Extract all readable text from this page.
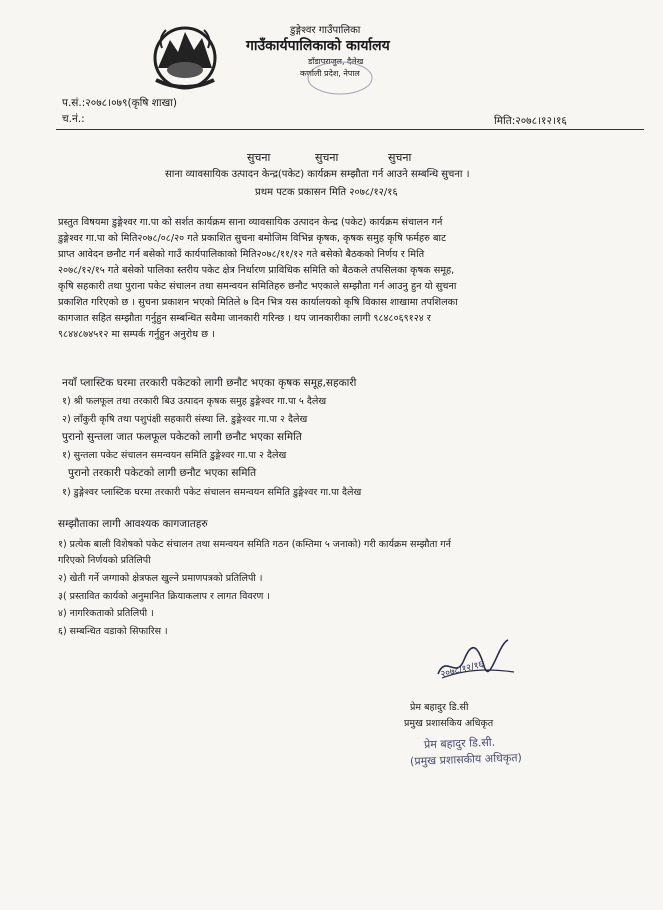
डुङ्गेश्वर गाउँपालिका
गाउँकार्यपालिकाको कार्यालय
डाँडापराजुल, दैलेख
कर्णाली प्रदेश, नेपाल
प.सं.:२०७८।०७९(कृषि शाखा)
च.नं.:	मिति:२०७८।१२।१६
सुचना	सुचना	सुचना
साना व्यावसायिक उत्पादन केन्द्र(पकेट) कार्यक्रम सम्झौता गर्न आउने सम्बन्धि सुचना ।
प्रथम पटक प्रकासन मिति २०७८/१२/१६
प्रस्तुत विषयमा डुङ्गेश्वर गा.पा को सर्शत कार्यक्रम साना व्यावसायिक उत्पादन केन्द्र (पकेट) कार्यक्रम संचालन गर्न
डुङ्गेश्वर गा.पा को मिति२०७८/०८/२० गते प्रकाशित सुचना बमोजिम विभिन्न कृषक, कृषक समुह कृषि फर्महरु बाट
प्राप्त आवेदन छनौट गर्न बसेको गाउँ कार्यपालिकाको मिति२०७८/११/१२ गते बसेको बैठकको निर्णय र मिति
२०७८/१२/१५ गते बसेको पालिका स्तरीय पकेट क्षेत्र निर्धारण प्राविधिक समिति को बैठकले तपसिलका कृषक समूह,
कृषि सहकारी तथा पुराना पकेट संचालन तथा समन्वयन समितिहरु छनौट भएकाले सम्झौता गर्न आउनु हुन यो सुचना
प्रकाशित गरिएको छ । सुचना प्रकाशन भएको मितिले ७ दिन भित्र यस कार्यालयको कृषि विकास शाखामा तपशिलका
कागजात सहित सम्झौता गर्नुहुन सम्बन्धित सवैमा जानकारी गरिन्छ । थप जानकारीका लागी ९८४८०६९१२४ र
९८४४८७४५१२ मा सम्पर्क गर्नुहुन अनुरोध छ ।
नयाँ प्लास्टिक घरमा तरकारी पकेटको लागी छनौट भएका कृषक समूह,सहकारी
१) श्री फलफूल तथा तरकारी बिउ उत्पादन कृषक समुह डुङ्गेश्वर गा.पा ५ दैलेख
२) लाँकुरी कृषि तथा पशुपंक्षी सहकारी संस्था लि. डुङ्गेश्वर गा.पा २ दैलेख
पुरानो सुन्तला जात फलफूल पकेटको लागी छनौट भएका समिति
१) सुन्तला पकेट संचालन समन्वयन समिति डुङ्गेश्वर गा.पा २ दैलेख
पुरानो तरकारी पकेटको लागी छनौट भएका समिति
१) डुङ्गेश्वर प्लास्टिक घरमा तरकारी पकेट संचालन समन्वयन समिति डुङ्गेश्वर गा.पा दैलेख
सम्झौताका लागी आवश्यक कागजातहरु
१) प्रत्येक बाली विशेषको पकेट संचालन तथा समन्वयन समिति गठन (कम्तिमा ५ जनाको) गरी कार्यक्रम सम्झौता गर्न
गरिएको निर्णयको प्रतिलिपी
२) खेती गर्ने जग्गाको क्षेत्रफल खुल्ने प्रमाणपत्रको प्रतिलिपी ।
३( प्रस्तावित कार्यको अनुमानित क्रियाकलाप र लागत विवरण ।
४) नागरिकताको प्रतिलिपी ।
६) सम्बन्धित वडाको सिफारिस ।
२०७८/१२/१६
प्रेम बहादुर डि.सी
प्रमुख प्रशासकिय अधिकृत
प्रेम बहादुर डि.सी.
(प्रमुख प्रशासकीय अधिकृत)
